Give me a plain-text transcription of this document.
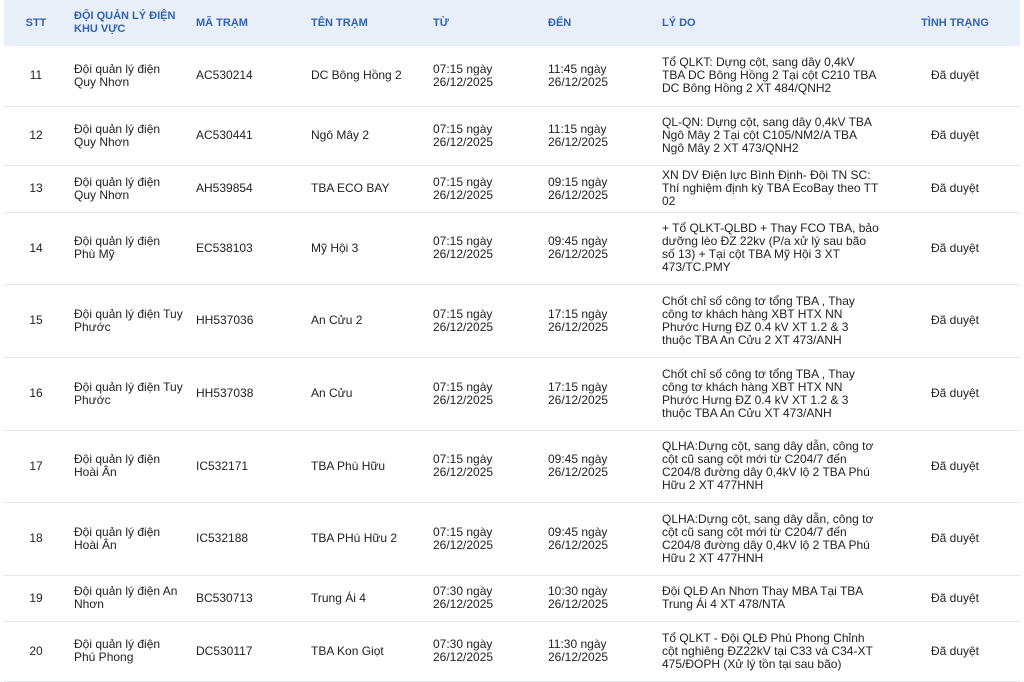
STT	ĐỘI QUẢN LÝ ĐIỆN KHU VỰC	MÃ TRẠM	TÊN TRẠM	TỪ	ĐẾN	LÝ DO	TÌNH TRẠNG
11	Đội quản lý điện Quy Nhơn	AC530214	DC Bông Hồng 2	07:15 ngày 26/12/2025	11:45 ngày 26/12/2025	Tổ QLKT: Dựng cột, sang dây 0,4kV TBA DC Bông Hồng 2 Tại cột C210 TBA DC Bông Hồng 2 XT 484/QNH2	Đã duyệt
12	Đội quản lý điện Quy Nhơn	AC530441	Ngô Mây 2	07:15 ngày 26/12/2025	11:15 ngày 26/12/2025	QL-QN: Dựng cột, sang dây 0,4kV TBA Ngô Mây 2 Tại cột C105/NM2/A TBA Ngô Mây 2 XT 473/QNH2	Đã duyệt
13	Đội quản lý điện Quy Nhơn	AH539854	TBA ECO BAY	07:15 ngày 26/12/2025	09:15 ngày 26/12/2025	XN DV Điện lực Bình Định- Đội TN SC: Thí nghiệm định kỳ TBA EcoBay theo TT 02	Đã duyệt
14	Đội quản lý điện Phù Mỹ	EC538103	Mỹ Hội 3	07:15 ngày 26/12/2025	09:45 ngày 26/12/2025	+ Tổ QLKT-QLBD + Thay FCO TBA, bảo dưỡng lèo ĐZ 22kv (P/a xử lý sau bão số 13) + Tại cột TBA Mỹ Hội 3 XT 473/TC.PMY	Đã duyệt
15	Đội quản lý điện Tuy Phước	HH537036	An Cửu 2	07:15 ngày 26/12/2025	17:15 ngày 26/12/2025	Chốt chỉ số công tơ tổng TBA , Thay công tơ khách hàng XBT HTX NN Phước Hưng ĐZ 0.4 kV XT 1.2 & 3 thuộc TBA An Cửu 2 XT 473/ANH	Đã duyệt
16	Đội quản lý điện Tuy Phước	HH537038	An Cửu	07:15 ngày 26/12/2025	17:15 ngày 26/12/2025	Chốt chỉ số công tơ tổng TBA , Thay công tơ khách hàng XBT HTX NN Phước Hưng ĐZ 0.4 kV XT 1.2 & 3 thuộc TBA An Cửu XT 473/ANH	Đã duyệt
17	Đội quản lý điện Hoài Ân	IC532171	TBA Phú Hữu	07:15 ngày 26/12/2025	09:45 ngày 26/12/2025	QLHA:Dựng cột, sang dây dẫn, công tơ cột cũ sang cột mới từ C204/7 đến C204/8 đường dây 0,4kV lộ 2 TBA Phú Hữu 2 XT 477HNH	Đã duyệt
18	Đội quản lý điện Hoài Ân	IC532188	TBA PHú Hữu 2	07:15 ngày 26/12/2025	09:45 ngày 26/12/2025	QLHA:Dựng cột, sang dây dẫn, công tơ cột cũ sang cột mới từ C204/7 đến C204/8 đường dây 0,4kV lộ 2 TBA Phú Hữu 2 XT 477HNH	Đã duyệt
19	Đội quản lý điện An Nhơn	BC530713	Trung Ái 4	07:30 ngày 26/12/2025	10:30 ngày 26/12/2025	Đội QLĐ An Nhơn Thay MBA Tại TBA Trung Ái 4 XT 478/NTA	Đã duyệt
20	Đội quản lý điện Phú Phong	DC530117	TBA Kon Giọt	07:30 ngày 26/12/2025	11:30 ngày 26/12/2025	Tổ QLKT - Đội QLĐ Phú Phong Chỉnh cột nghiêng ĐZ22kV tại C33 và C34-XT 475/ĐOPH (Xử lý tồn tại sau bão)	Đã duyệt
